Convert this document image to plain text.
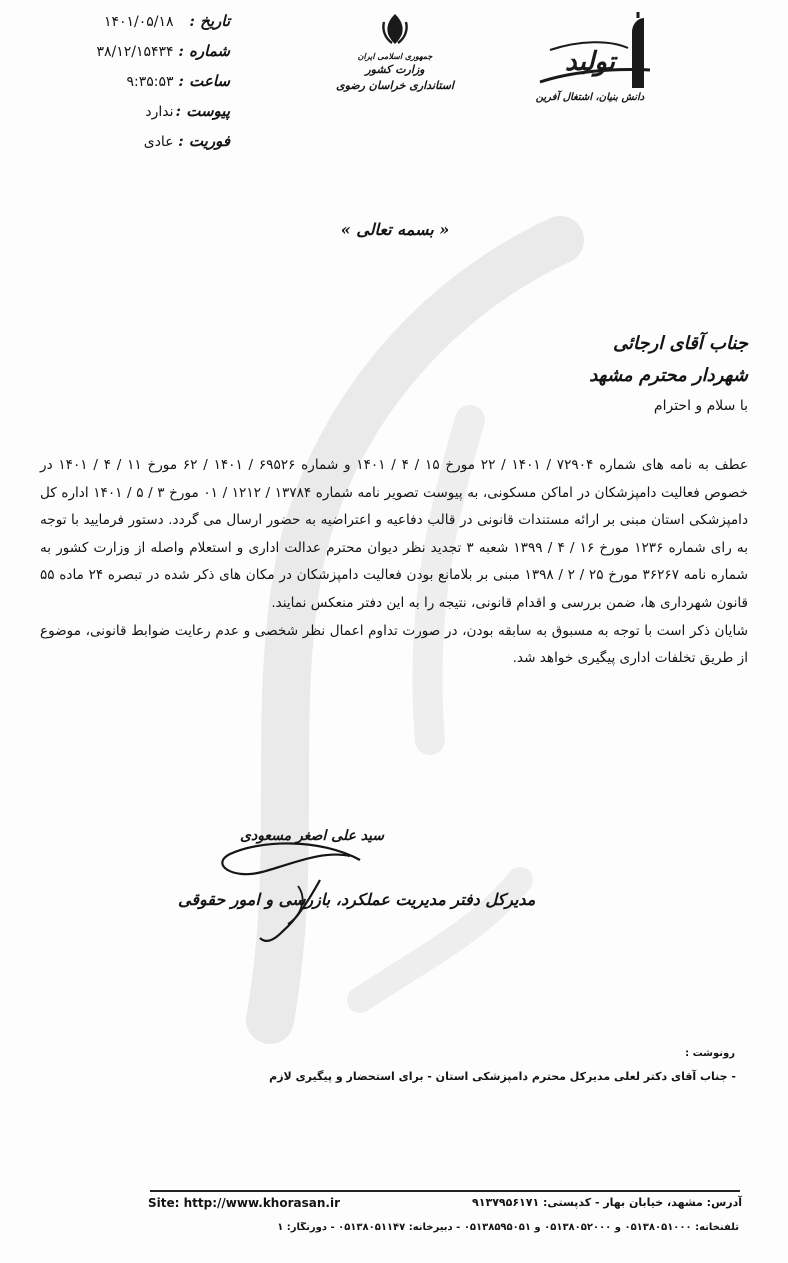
تاریخ : ۱۴۰۱/۰۵/۱۸
شماره : ۳۸/۱۲/۱۵۴۳۴
ساعت : ۹:۳۵:۵۳
پیوست : ندارد
فوریت : عادی
جمهوری اسلامی ایران
وزارت کشور
استانداری خراسان رضوی
تولید
دانش بنیان، اشتغال آفرین
« بسمه تعالی »
جناب آقای ارجائی
شهردار محترم مشهد
با سلام و احترام

عطف به نامه های شماره ۷۲۹۰۴ / ۱۴۰۱ / ۲۲ مورخ ۱۵ / ۴ / ۱۴۰۱ و شماره ۶۹۵۲۶ / ۱۴۰۱ / ۶۲ مورخ ۱۱ / ۴ / ۱۴۰۱ در خصوص فعالیت دامپزشکان در اماکن مسکونی، به پیوست تصویر نامه شماره ۱۳۷۸۴ / ۱۲۱۲ / ۰۱ مورخ ۳ / ۵ / ۱۴۰۱ اداره کل دامپزشکی استان مبنی بر ارائه مستندات قانونی در قالب دفاعیه و اعتراضیه به حضور ارسال می گردد. دستور فرمایید با توجه به رای شماره ۱۲۳۶ مورخ ۱۶ / ۴ / ۱۳۹۹ شعبه ۳ تجدید نظر دیوان محترم عدالت اداری و استعلام واصله از وزارت کشور به شماره نامه ۳۶۲۶۷ مورخ ۲۵ / ۲ / ۱۳۹۸ مبنی بر بلامانع بودن فعالیت دامپزشکان در مکان های ذکر شده در تبصره ۲۴ ماده ۵۵ قانون شهرداری ها، ضمن بررسی و اقدام قانونی، نتیجه را به این دفتر منعکس نمایند.

شایان ذکر است با توجه به مسبوق به سابقه بودن، در صورت تداوم اعمال نظر شخصی و عدم رعایت ضوابط قانونی، موضوع از طریق تخلفات اداری پیگیری خواهد شد.

سید علی اصغر مسعودی
مدیرکل دفتر مدیریت عملکرد، بازرسی و امور حقوقی
رونوشت :
- جناب آقای دکتر لعلی مدیرکل محترم دامپزشکی استان - برای استحضار و پیگیری لازم
Site: http://www.khorasan.ir	آدرس: مشهد، خیابان بهار - کدپستی: ۹۱۳۷۹۵۶۱۷۱
تلفنخانه: ۰۵۱۳۸۰۵۱۰۰۰ و ۰۵۱۳۸۰۵۲۰۰۰ و ۰۵۱۳۸۵۹۵۰۵۱ - دبیرخانه: ۰۵۱۳۸۰۵۱۱۴۷ - دورنگار: ۱
